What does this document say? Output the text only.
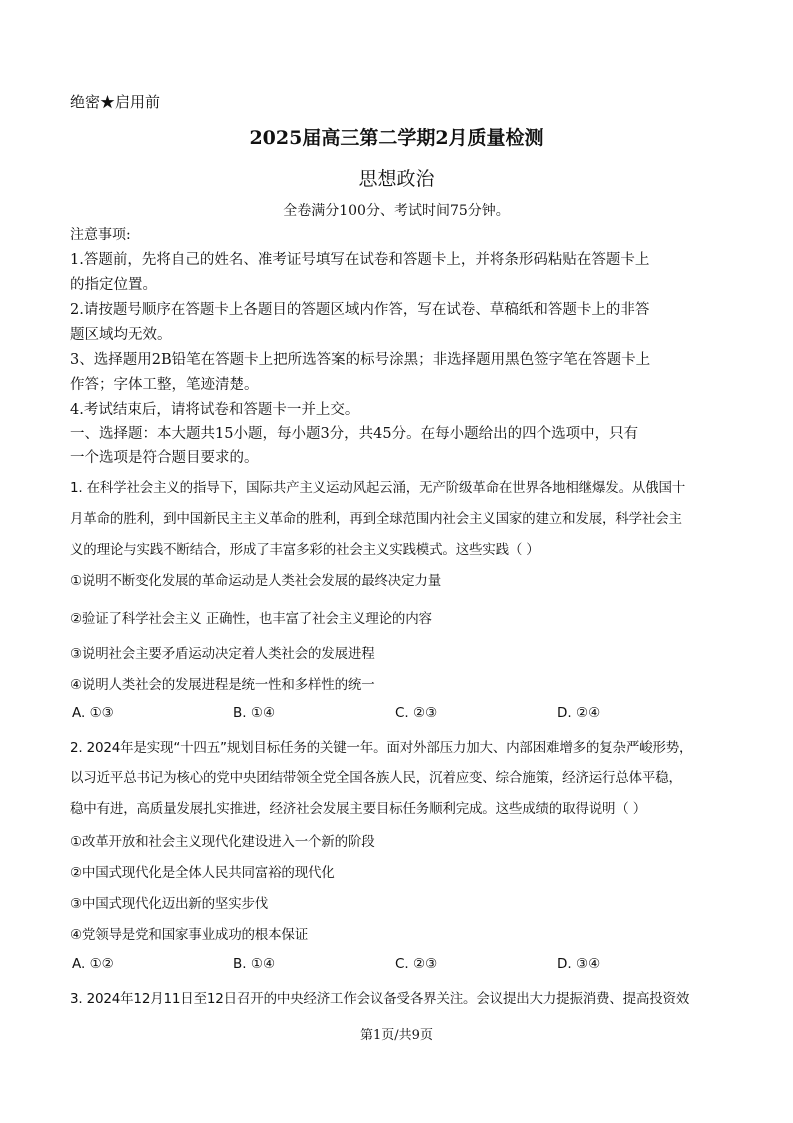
绝密★启用前
2025届高三第二学期2月质量检测
思想政治
全卷满分100分、考试时间75分钟。
注意事项:
1.答题前，先将自己的姓名、准考证号填写在试卷和答题卡上，并将条形码粘贴在答题卡上
的指定位置。
2.请按题号顺序在答题卡上各题目的答题区域内作答，写在试卷、草稿纸和答题卡上的非答
题区域均无效。
3、选择题用2B铅笔在答题卡上把所选答案的标号涂黑；非选择题用黑色签字笔在答题卡上
作答；字体工整，笔迹清楚。
4.考试结束后，请将试卷和答题卡一并上交。
一、选择题：本大题共15小题，每小题3分，共45分。在每小题给出的四个选项中，只有
一个选项是符合题目要求的。
1. 在科学社会主义的指导下，国际共产主义运动风起云涌，无产阶级革命在世界各地相继爆发。从俄国十
月革命的胜利，到中国新民主主义革命的胜利，再到全球范围内社会主义国家的建立和发展，科学社会主
义的理论与实践不断结合，形成了丰富多彩的社会主义实践模式。这些实践（ ）
①说明不断变化发展的革命运动是人类社会发展的最终决定力量
②验证了科学社会主义 正确性，也丰富了社会主义理论的内容
③说明社会主要矛盾运动决定着人类社会的发展进程
④说明人类社会的发展进程是统一性和多样性的统一
A. ①③	B. ①④	C. ②③	D. ②④
2. 2024年是实现“十四五”规划目标任务的关键一年。面对外部压力加大、内部困难增多的复杂严峻形势，
以习近平总书记为核心的党中央团结带领全党全国各族人民，沉着应变、综合施策，经济运行总体平稳，
稳中有进，高质量发展扎实推进，经济社会发展主要目标任务顺利完成。这些成绩的取得说明（ ）
①改革开放和社会主义现代化建设进入一个新的阶段
②中国式现代化是全体人民共同富裕的现代化
③中国式现代化迈出新的坚实步伐
④党领导是党和国家事业成功的根本保证
A. ①②	B. ①④	C. ②③	D. ③④
3. 2024年12月11日至12日召开的中央经济工作会议备受各界关注。会议提出大力提振消费、提高投资效
第1页/共9页
